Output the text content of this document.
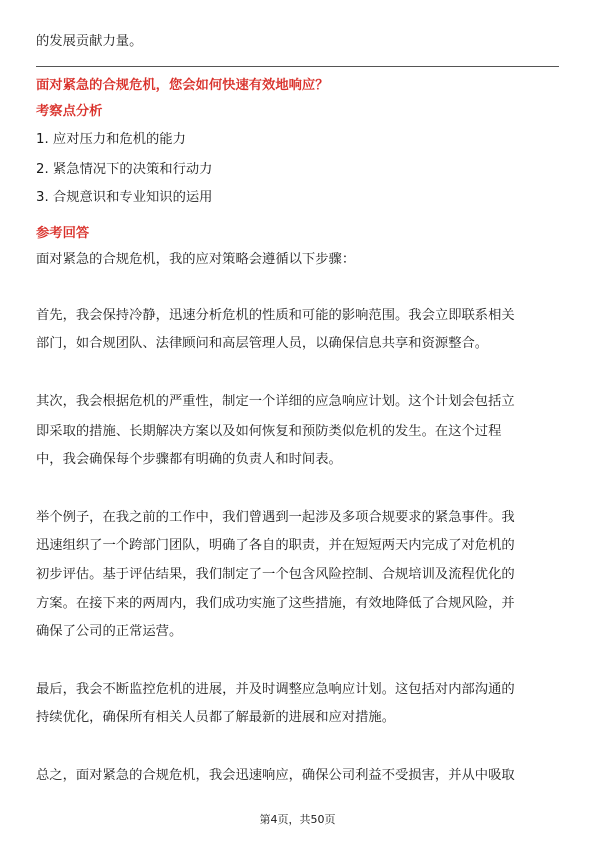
的发展贡献力量。
面对紧急的合规危机，您会如何快速有效地响应？
考察点分析
1. 应对压力和危机的能力
2. 紧急情况下的决策和行动力
3. 合规意识和专业知识的运用
参考回答
面对紧急的合规危机，我的应对策略会遵循以下步骤：
首先，我会保持冷静，迅速分析危机的性质和可能的影响范围。我会立即联系相关
部门，如合规团队、法律顾问和高层管理人员，以确保信息共享和资源整合。
其次，我会根据危机的严重性，制定一个详细的应急响应计划。这个计划会包括立
即采取的措施、长期解决方案以及如何恢复和预防类似危机的发生。在这个过程
中，我会确保每个步骤都有明确的负责人和时间表。
举个例子，在我之前的工作中，我们曾遇到一起涉及多项合规要求的紧急事件。我
迅速组织了一个跨部门团队，明确了各自的职责，并在短短两天内完成了对危机的
初步评估。基于评估结果，我们制定了一个包含风险控制、合规培训及流程优化的
方案。在接下来的两周内，我们成功实施了这些措施，有效地降低了合规风险，并
确保了公司的正常运营。
最后，我会不断监控危机的进展，并及时调整应急响应计划。这包括对内部沟通的
持续优化，确保所有相关人员都了解最新的进展和应对措施。
总之，面对紧急的合规危机，我会迅速响应，确保公司利益不受损害，并从中吸取
第4页，共50页
